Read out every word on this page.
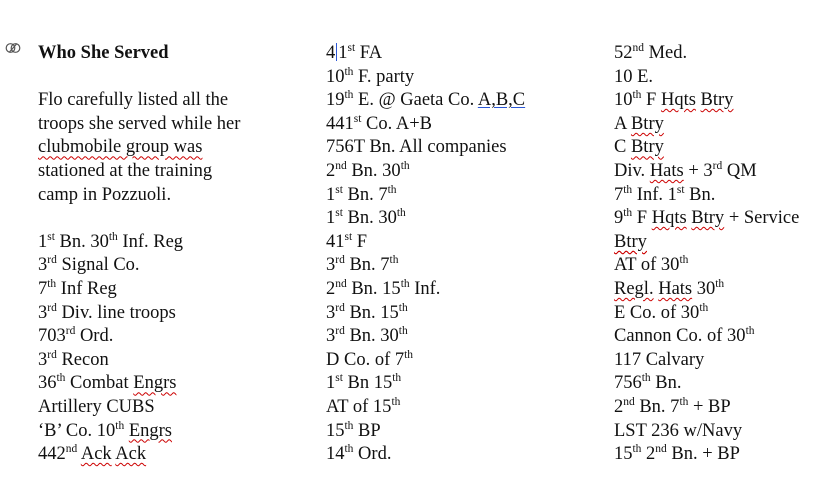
Who She Served
Flo carefully listed all the
troops she served while her
clubmobile group was
stationed at the training
camp in Pozzuoli.
1st Bn. 30th Inf. Reg
3rd Signal Co.
7th Inf Reg
3rd Div. line troops
703rd Ord.
3rd Recon
36th Combat Engrs
Artillery CUBS
‘B’ Co. 10th Engrs
442nd Ack Ack
4 1st FA
10th F. party
19th E. @ Gaeta Co. A,B,C
441st Co. A+B
756T Bn. All companies
2nd Bn. 30th
1st Bn. 7th
1st Bn. 30th
41st F
3rd Bn. 7th
2nd Bn. 15th Inf.
3rd Bn. 15th
3rd Bn. 30th
D Co. of 7th
1st Bn 15th
AT of 15th
15th BP
14th Ord.
52nd Med.
10 E.
10th F Hqts Btry
A Btry
C Btry
Div. Hats + 3rd QM
7th Inf. 1st Bn.
9th F Hqts Btry + Service
Btry
AT of 30th
Regl. Hats 30th
E Co. of 30th
Cannon Co. of 30th
117 Calvary
756th Bn.
2nd Bn. 7th + BP
LST 236 w/Navy
15th 2nd Bn. + BP
